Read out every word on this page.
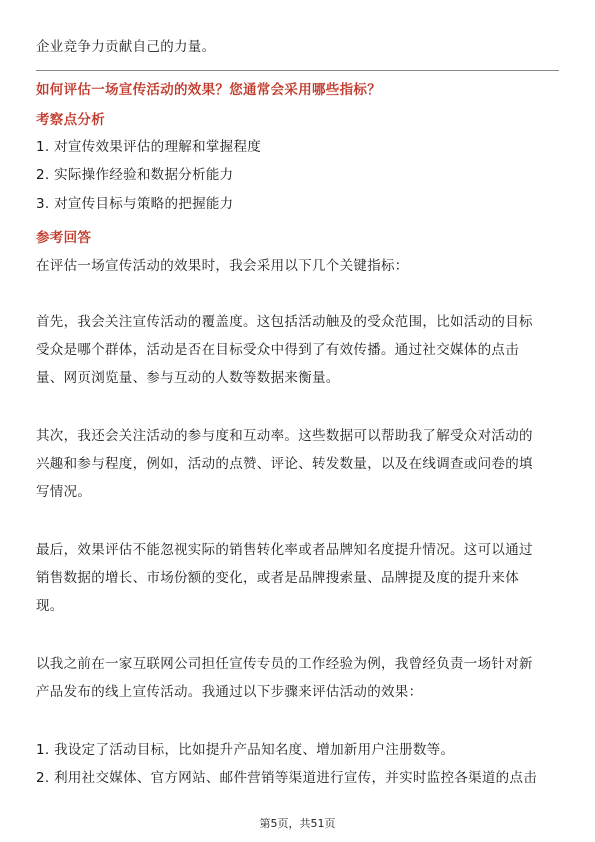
企业竞争力贡献自己的力量。
如何评估一场宣传活动的效果？您通常会采用哪些指标？
考察点分析
1. 对宣传效果评估的理解和掌握程度
2. 实际操作经验和数据分析能力
3. 对宣传目标与策略的把握能力
参考回答
在评估一场宣传活动的效果时，我会采用以下几个关键指标：
首先，我会关注宣传活动的覆盖度。这包括活动触及的受众范围，比如活动的目标
受众是哪个群体，活动是否在目标受众中得到了有效传播。通过社交媒体的点击
量、网页浏览量、参与互动的人数等数据来衡量。
其次，我还会关注活动的参与度和互动率。这些数据可以帮助我了解受众对活动的
兴趣和参与程度，例如，活动的点赞、评论、转发数量，以及在线调查或问卷的填
写情况。
最后，效果评估不能忽视实际的销售转化率或者品牌知名度提升情况。这可以通过
销售数据的增长、市场份额的变化，或者是品牌搜索量、品牌提及度的提升来体
现。
以我之前在一家互联网公司担任宣传专员的工作经验为例，我曾经负责一场针对新
产品发布的线上宣传活动。我通过以下步骤来评估活动的效果：
1. 我设定了活动目标，比如提升产品知名度、增加新用户注册数等。
2. 利用社交媒体、官方网站、邮件营销等渠道进行宣传，并实时监控各渠道的点击
第5页，共51页
